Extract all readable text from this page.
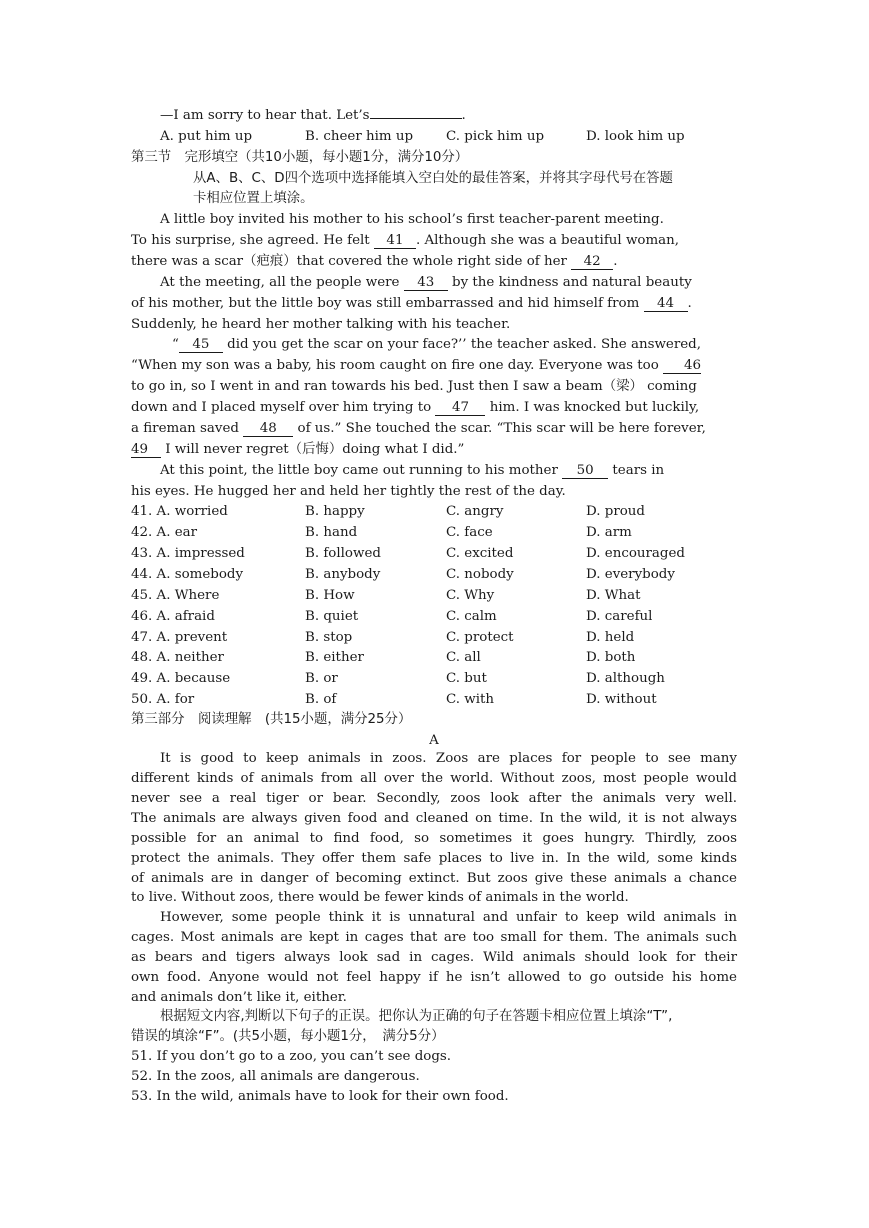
—I am sorry to hear that. Let’s	.
A. put him up	B. cheer him up C. pick him up	D. look him up
第三节　完形填空（共10小题，每小题1分，满分10分）
从A、B、C、D四个选项中选择能填入空白处的最佳答案，并将其字母代号在答题
卡相应位置上填涂。
A little boy invited his mother to his school’s first teacher-parent meeting.
To his surprise, she agreed. He felt 41 . Although she was a beautiful woman,
there was a scar（疤痕）that covered the whole right side of her 42 .
At the meeting, all the people were 43 by the kindness and natural beauty
of his mother, but the little boy was still embarrassed and hid himself from 44 .
Suddenly, he heard her mother talking with his teacher.
“ 45 did you get the scar on your face?’’ the teacher asked. She answered,
“When my son was a baby, his room caught on fire one day. Everyone was too 46
to go in, so I went in and ran towards his bed. Just then I saw a beam（梁） coming
down and I placed myself over him trying to 47 him. I was knocked but luckily,
a fireman saved 48 of us.” She touched the scar. “This scar will be here forever,
49 I will never regret（后悔）doing what I did.”
At this point, the little boy came out running to his mother 50 tears in
his eyes. He hugged her and held her tightly the rest of the day.
41. A. worried	B. happy	C. angry	D. proud
42. A. ear	B. hand	C. face	D. arm
43. A. impressed	B. followed	C. excited	D. encouraged
44. A. somebody	B. anybody	C. nobody	D. everybody
45. A. Where	B. How	C. Why	D. What
46. A. afraid	B. quiet	C. calm	D. careful
47. A. prevent	B. stop	C. protect	D. held
48. A. neither	B. either	C. all	D. both
49. A. because	B. or	C. but	D. although
50. A. for	B. of	C. with	D. without
第三部分　阅读理解　(共15小题，满分25分）
A
It is good to keep animals in zoos. Zoos are places for people to see many
different kinds of animals from all over the world. Without zoos, most people would
never see a real tiger or bear. Secondly, zoos look after the animals very well.
The animals are always given food and cleaned on time. In the wild, it is not always
possible for an animal to find food, so sometimes it goes hungry. Thirdly, zoos
protect the animals. They offer them safe places to live in. In the wild, some kinds
of animals are in danger of becoming extinct. But zoos give these animals a chance
to live. Without zoos, there would be fewer kinds of animals in the world.
However, some people think it is unnatural and unfair to keep wild animals in
cages. Most animals are kept in cages that are too small for them. The animals such
as bears and tigers always look sad in cages. Wild animals should look for their
own food. Anyone would not feel happy if he isn’t allowed to go outside his home
and animals don’t like it, either.
根据短文内容,判断以下句子的正误。把你认为正确的句子在答题卡相应位置上填涂“T”,
错误的填涂“F”。(共5小题，每小题1分，　满分5分）
51. If you don’t go to a zoo, you can’t see dogs.
52. In the zoos, all animals are dangerous.
53. In the wild, animals have to look for their own food.
